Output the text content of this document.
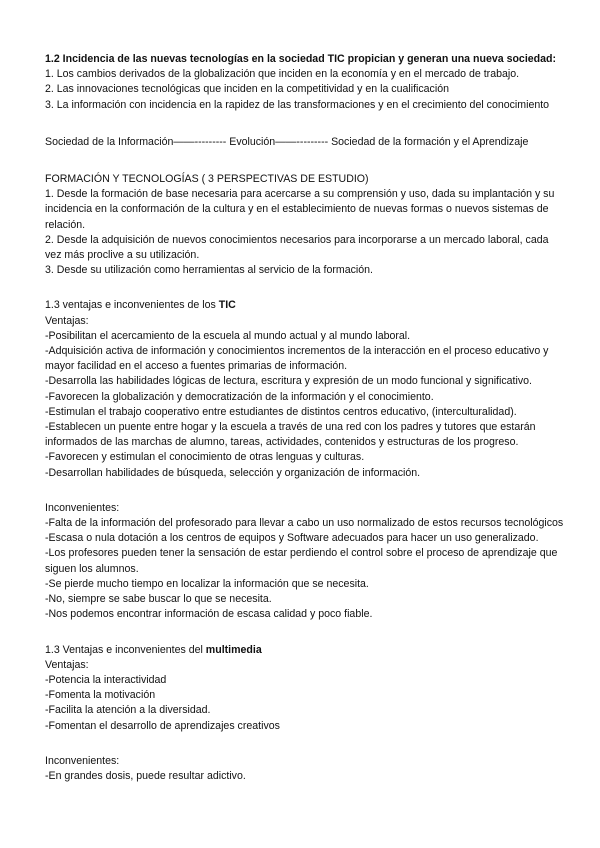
1.2 Incidencia de las nuevas tecnologías en la sociedad TIC propician y generan una nueva sociedad:
1. Los cambios derivados de la globalización que inciden en la economía y en el mercado de trabajo.
2. Las innovaciones tecnológicas que inciden en la competitividad y en la cualificación
3. La información con incidencia en la rapidez de las transformaciones y en el crecimiento del conocimiento
Sociedad de la Información——--------- Evolución——--------- Sociedad de la formación y el Aprendizaje
FORMACIÓN Y TECNOLOGÍAS ( 3 PERSPECTIVAS DE ESTUDIO)
1. Desde la formación de base necesaria para acercarse a su comprensión y uso, dada su implantación y su incidencia en la conformación de la cultura y en el establecimiento de nuevas formas o nuevos sistemas de relación.
2. Desde la adquisición de nuevos conocimientos necesarios para incorporarse a un mercado laboral, cada vez más proclive a su utilización.
3. Desde su utilización como herramientas al servicio de la formación.
1.3 ventajas e inconvenientes de los TIC
Ventajas:
-Posibilitan el acercamiento de la escuela al mundo actual y al mundo laboral.
-Adquisición activa de información y conocimientos incrementos de la interacción en el proceso educativo y mayor facilidad en el acceso a fuentes primarias de información.
-Desarrolla las habilidades lógicas de lectura, escritura y expresión de un modo funcional y significativo.
-Favorecen la globalización y democratización de la información y el conocimiento.
-Estimulan el trabajo cooperativo entre estudiantes de distintos centros educativo, (interculturalidad).
-Establecen un puente entre hogar y la escuela a través de una red con los padres y tutores que estarán informados de las marchas de alumno, tareas, actividades, contenidos y estructuras de los progreso.
-Favorecen y estimulan el conocimiento de otras lenguas y culturas.
-Desarrollan habilidades de búsqueda, selección y organización de información.
Inconvenientes:
-Falta de la información del profesorado para llevar a cabo un uso normalizado de estos recursos tecnológicos
-Escasa o nula dotación a los centros de equipos y Software adecuados para hacer un uso generalizado.
-Los profesores pueden tener la sensación de estar perdiendo el control sobre el proceso de aprendizaje que siguen los alumnos.
-Se pierde mucho tiempo en localizar la información que se necesita.
-No, siempre se sabe buscar lo que se necesita.
-Nos podemos encontrar información de escasa calidad y poco fiable.
1.3 Ventajas e inconvenientes del multimedia
Ventajas:
-Potencia la interactividad
-Fomenta la motivación
-Facilita la atención a la diversidad.
-Fomentan el desarrollo de aprendizajes creativos
Inconvenientes:
-En grandes dosis, puede resultar adictivo.
